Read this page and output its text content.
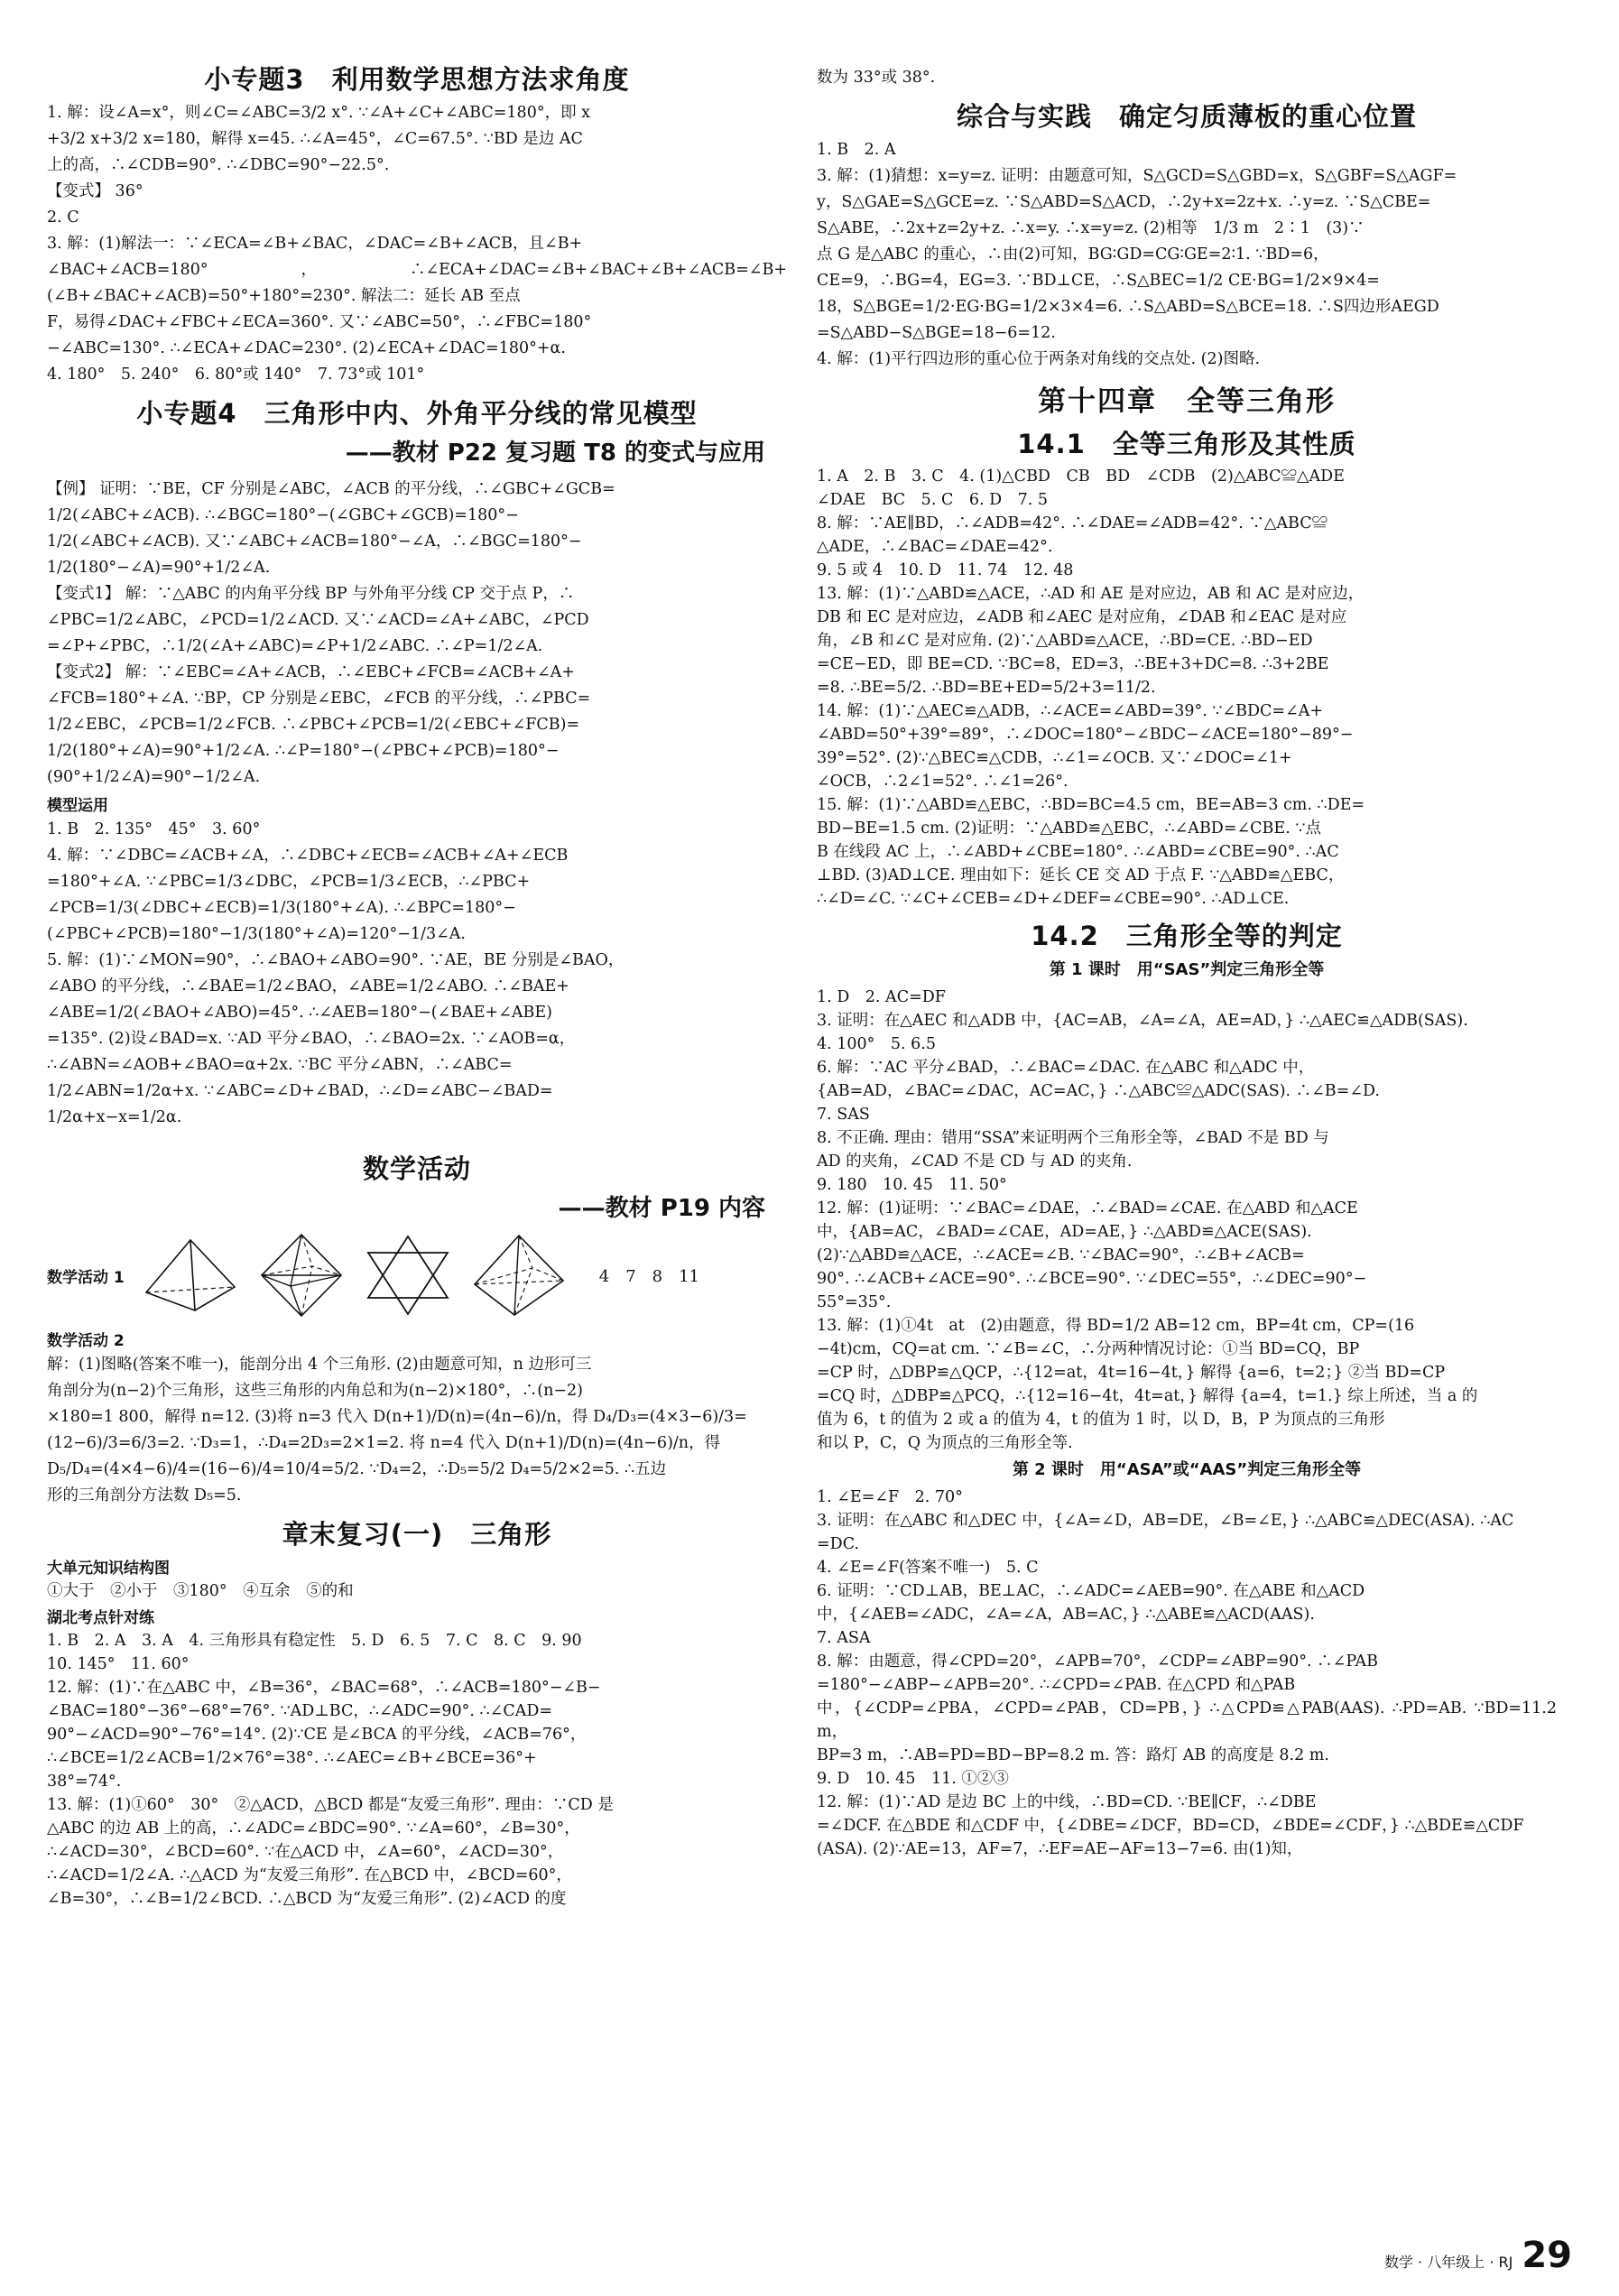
小专题3　利用数学思想方法求角度

1. 解：设∠A=x°，则∠C=∠ABC=3/2 x°. ∵∠A+∠C+∠ABC=180°，即 x

+3/2 x+3/2 x=180，解得 x=45. ∴∠A=45°，∠C=67.5°. ∵BD 是边 AC

上的高，∴∠CDB=90°. ∴∠DBC=90°−22.5°.

【变式】 36°

2. C

3. 解：(1)解法一：∵∠ECA=∠B+∠BAC，∠DAC=∠B+∠ACB，且∠B+

∠BAC+∠ACB=180°，∴∠ECA+∠DAC=∠B+∠BAC+∠B+∠ACB=∠B+(∠B+∠BAC+∠ACB)=50°+180°=230°. 解法二：延长 AB 至点

F，易得∠DAC+∠FBC+∠ECA=360°. 又∵∠ABC=50°，∴∠FBC=180°

−∠ABC=130°. ∴∠ECA+∠DAC=230°. (2)∠ECA+∠DAC=180°+α.

4. 180°　5. 240°　6. 80°或 140°　7. 73°或 101°

小专题4　三角形中内、外角平分线的常见模型
——教材 P22 复习题 T8 的变式与应用

【例】 证明：∵BE，CF 分别是∠ABC，∠ACB 的平分线，∴∠GBC+∠GCB=

1/2(∠ABC+∠ACB). ∴∠BGC=180°−(∠GBC+∠GCB)=180°−

1/2(∠ABC+∠ACB). 又∵∠ABC+∠ACB=180°−∠A，∴∠BGC=180°−

1/2(180°−∠A)=90°+1/2∠A.

【变式1】 解：∵△ABC 的内角平分线 BP 与外角平分线 CP 交于点 P，∴

∠PBC=1/2∠ABC，∠PCD=1/2∠ACD. 又∵∠ACD=∠A+∠ABC，∠PCD

=∠P+∠PBC，∴1/2(∠A+∠ABC)=∠P+1/2∠ABC. ∴∠P=1/2∠A.

【变式2】 解：∵∠EBC=∠A+∠ACB，∴∠EBC+∠FCB=∠ACB+∠A+

∠FCB=180°+∠A. ∵BP，CP 分别是∠EBC，∠FCB 的平分线，∴∠PBC=

1/2∠EBC，∠PCB=1/2∠FCB. ∴∠PBC+∠PCB=1/2(∠EBC+∠FCB)=

1/2(180°+∠A)=90°+1/2∠A. ∴∠P=180°−(∠PBC+∠PCB)=180°−

(90°+1/2∠A)=90°−1/2∠A.

模型运用

1. B　2. 135°　45°　3. 60°

4. 解：∵∠DBC=∠ACB+∠A，∴∠DBC+∠ECB=∠ACB+∠A+∠ECB

=180°+∠A. ∵∠PBC=1/3∠DBC，∠PCB=1/3∠ECB，∴∠PBC+

∠PCB=1/3(∠DBC+∠ECB)=1/3(180°+∠A). ∴∠BPC=180°−

(∠PBC+∠PCB)=180°−1/3(180°+∠A)=120°−1/3∠A.

5. 解：(1)∵∠MON=90°，∴∠BAO+∠ABO=90°. ∵AE，BE 分别是∠BAO，

∠ABO 的平分线，∴∠BAE=1/2∠BAO，∠ABE=1/2∠ABO. ∴∠BAE+

∠ABE=1/2(∠BAO+∠ABO)=45°. ∴∠AEB=180°−(∠BAE+∠ABE)

=135°. (2)设∠BAD=x. ∵AD 平分∠BAO，∴∠BAO=2x. ∵∠AOB=α，

∴∠ABN=∠AOB+∠BAO=α+2x. ∵BC 平分∠ABN，∴∠ABC=

1/2∠ABN=1/2α+x. ∵∠ABC=∠D+∠BAD，∴∠D=∠ABC−∠BAD=

1/2α+x−x=1/2α.

数学活动
——教材 P19 内容
数学活动 1	4　7　8　11
数学活动 2

解：(1)图略(答案不唯一)，能剖分出 4 个三角形. (2)由题意可知，n 边形可三

角剖分为(n−2)个三角形，这些三角形的内角总和为(n−2)×180°，∴(n−2)

×180=1 800，解得 n=12. (3)将 n=3 代入 D(n+1)/D(n)=(4n−6)/n，得 D₄/D₃=(4×3−6)/3=

(12−6)/3=6/3=2. ∵D₃=1，∴D₄=2D₃=2×1=2. 将 n=4 代入 D(n+1)/D(n)=(4n−6)/n，得

D₅/D₄=(4×4−6)/4=(16−6)/4=10/4=5/2. ∵D₄=2，∴D₅=5/2 D₄=5/2×2=5. ∴五边

形的三角剖分方法数 D₅=5.

章末复习(一)　三角形
大单元知识结构图

①大于　②小于　③180°　④互余　⑤的和

湖北考点针对练

1. B　2. A　3. A　4. 三角形具有稳定性　5. D　6. 5　7. C　8. C　9. 90

10. 145°　11. 60°

12. 解：(1)∵在△ABC 中，∠B=36°，∠BAC=68°，∴∠ACB=180°−∠B−

∠BAC=180°−36°−68°=76°. ∵AD⊥BC，∴∠ADC=90°. ∴∠CAD=

90°−∠ACD=90°−76°=14°. (2)∵CE 是∠BCA 的平分线，∠ACB=76°，

∴∠BCE=1/2∠ACB=1/2×76°=38°. ∴∠AEC=∠B+∠BCE=36°+

38°=74°.

13. 解：(1)①60°　30°　②△ACD，△BCD 都是“友爱三角形”. 理由：∵CD 是

△ABC 的边 AB 上的高，∴∠ADC=∠BDC=90°. ∵∠A=60°，∠B=30°，

∴∠ACD=30°，∠BCD=60°. ∵在△ACD 中，∠A=60°，∠ACD=30°，

∴∠ACD=1/2∠A. ∴△ACD 为“友爱三角形”. 在△BCD 中，∠BCD=60°，

∠B=30°，∴∠B=1/2∠BCD. ∴△BCD 为“友爱三角形”. (2)∠ACD 的度

数为 33°或 38°.

综合与实践　确定匀质薄板的重心位置

1. B　2. A

3. 解：(1)猜想：x=y=z. 证明：由题意可知，S△GCD=S△GBD=x，S△GBF=S△AGF=

y，S△GAE=S△GCE=z. ∵S△ABD=S△ACD，∴2y+x=2z+x. ∴y=z. ∵S△CBE=

S△ABE，∴2x+z=2y+z. ∴x=y. ∴x=y=z. (2)相等　1/3 m　2∶1　(3)∵

点 G 是△ABC 的重心，∴由(2)可知，BG∶GD=CG∶GE=2∶1. ∵BD=6，

CE=9，∴BG=4，EG=3. ∵BD⊥CE，∴S△BEC=1/2 CE·BG=1/2×9×4=

18，S△BGE=1/2·EG·BG=1/2×3×4=6. ∴S△ABD=S△BCE=18. ∴S四边形AEGD

=S△ABD−S△BGE=18−6=12.

4. 解：(1)平行四边形的重心位于两条对角线的交点处. (2)图略.

第十四章　全等三角形
14.1　全等三角形及其性质

1. A　2. B　3. C　4. (1)△CBD　CB　BD　∠CDB　(2)△ABC≌△ADE

∠DAE　BC　5. C　6. D　7. 5

8. 解：∵AE∥BD，∴∠ADB=42°. ∴∠DAE=∠ADB=42°. ∵△ABC≌

△ADE，∴∠BAC=∠DAE=42°.

9. 5 或 4　10. D　11. 74　12. 48

13. 解：(1)∵△ABD≌△ACE，∴AD 和 AE 是对应边，AB 和 AC 是对应边，

DB 和 EC 是对应边，∠ADB 和∠AEC 是对应角，∠DAB 和∠EAC 是对应

角，∠B 和∠C 是对应角. (2)∵△ABD≌△ACE，∴BD=CE. ∴BD−ED

=CE−ED，即 BE=CD. ∵BC=8，ED=3，∴BE+3+DC=8. ∴3+2BE

=8. ∴BE=5/2. ∴BD=BE+ED=5/2+3=11/2.

14. 解：(1)∵△AEC≌△ADB，∴∠ACE=∠ABD=39°. ∵∠BDC=∠A+

∠ABD=50°+39°=89°，∴∠DOC=180°−∠BDC−∠ACE=180°−89°−

39°=52°. (2)∵△BEC≌△CDB，∴∠1=∠OCB. 又∵∠DOC=∠1+

∠OCB，∴2∠1=52°. ∴∠1=26°.

15. 解：(1)∵△ABD≌△EBC，∴BD=BC=4.5 cm，BE=AB=3 cm. ∴DE=

BD−BE=1.5 cm. (2)证明：∵△ABD≌△EBC，∴∠ABD=∠CBE. ∵点

B 在线段 AC 上，∴∠ABD+∠CBE=180°. ∴∠ABD=∠CBE=90°. ∴AC

⊥BD. (3)AD⊥CE. 理由如下：延长 CE 交 AD 于点 F. ∵△ABD≌△EBC，

∴∠D=∠C. ∵∠C+∠CEB=∠D+∠DEF=∠CBE=90°. ∴AD⊥CE.

14.2　三角形全等的判定
第 1 课时　用“SAS”判定三角形全等

1. D　2. AC=DF

3. 证明：在△AEC 和△ADB 中，{AC=AB，∠A=∠A，AE=AD，} ∴△AEC≌△ADB(SAS).

4. 100°　5. 6.5

6. 解：∵AC 平分∠BAD，∴∠BAC=∠DAC. 在△ABC 和△ADC 中，

{AB=AD，∠BAC=∠DAC，AC=AC，} ∴△ABC≌△ADC(SAS). ∴∠B=∠D.

7. SAS

8. 不正确. 理由：错用“SSA”来证明两个三角形全等，∠BAD 不是 BD 与

AD 的夹角，∠CAD 不是 CD 与 AD 的夹角.

9. 180　10. 45　11. 50°

12. 解：(1)证明：∵∠BAC=∠DAE，∴∠BAD=∠CAE. 在△ABD 和△ACE

中，{AB=AC，∠BAD=∠CAE，AD=AE，} ∴△ABD≌△ACE(SAS).

(2)∵△ABD≌△ACE，∴∠ACE=∠B. ∵∠BAC=90°，∴∠B+∠ACB=

90°. ∴∠ACB+∠ACE=90°. ∴∠BCE=90°. ∵∠DEC=55°，∴∠DEC=90°−

55°=35°.

13. 解：(1)①4t　at　(2)由题意，得 BD=1/2 AB=12 cm，BP=4t cm，CP=(16

−4t)cm，CQ=at cm. ∵∠B=∠C，∴分两种情况讨论：①当 BD=CQ，BP

=CP 时，△DBP≌△QCP，∴{12=at，4t=16−4t，} 解得 {a=6，t=2；} ②当 BD=CP

=CQ 时，△DBP≌△PCQ，∴{12=16−4t，4t=at，} 解得 {a=4，t=1.} 综上所述，当 a 的

值为 6，t 的值为 2 或 a 的值为 4，t 的值为 1 时，以 D，B，P 为顶点的三角形

和以 P，C，Q 为顶点的三角形全等.

第 2 课时　用“ASA”或“AAS”判定三角形全等

1. ∠E=∠F　2. 70°

3. 证明：在△ABC 和△DEC 中，{∠A=∠D，AB=DE，∠B=∠E，} ∴△ABC≌△DEC(ASA). ∴AC

=DC.

4. ∠E=∠F(答案不唯一)　5. C

6. 证明：∵CD⊥AB，BE⊥AC，∴∠ADC=∠AEB=90°. 在△ABE 和△ACD

中，{∠AEB=∠ADC，∠A=∠A，AB=AC，} ∴△ABE≌△ACD(AAS).

7. ASA

8. 解：由题意，得∠CPD=20°，∠APB=70°，∠CDP=∠ABP=90°. ∴∠PAB

=180°−∠ABP−∠APB=20°. ∴∠CPD=∠PAB. 在△CPD 和△PAB

中，{∠CDP=∠PBA，∠CPD=∠PAB，CD=PB，} ∴△CPD≌△PAB(AAS). ∴PD=AB. ∵BD=11.2 m，

BP=3 m，∴AB=PD=BD−BP=8.2 m. 答：路灯 AB 的高度是 8.2 m.

9. D　10. 45　11. ①②③

12. 解：(1)∵AD 是边 BC 上的中线，∴BD=CD. ∵BE∥CF，∴∠DBE

=∠DCF. 在△BDE 和△CDF 中，{∠DBE=∠DCF，BD=CD，∠BDE=∠CDF，} ∴△BDE≌△CDF

(ASA). (2)∵AE=13，AF=7，∴EF=AE−AF=13−7=6. 由(1)知，

数学 · 八年级上 · RJ 29
